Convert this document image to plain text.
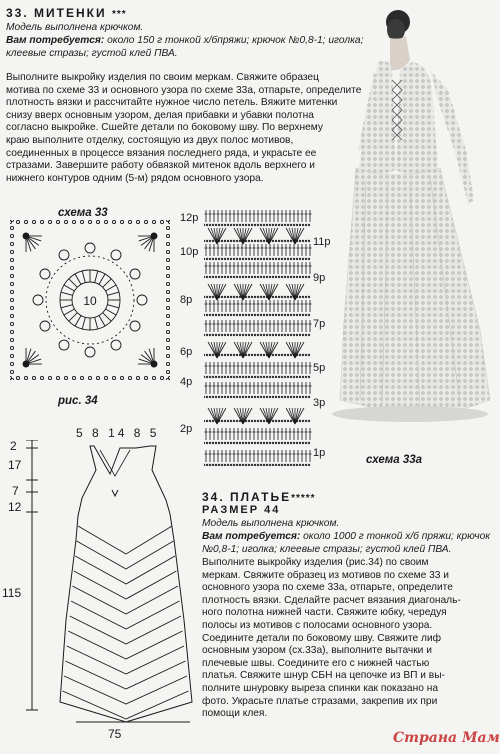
33. МИТЕНКИ ***
Модель выполнена крючком.
Вам потребуется: около 150 г тонкой х/бпряжи; крючок №0,8-1; иголка; клеевые стразы; густой клей ПВА.
Выполните выкройку изделия по своим меркам. Свяжите образец
мотива по схеме 33 и основного узора по схеме 33а, отпарьте, определите
плотность вязки и рассчитайте нужное число петель. Вяжите митенки
снизу вверх основным узором, делая прибавки и убавки полотна
согласно выкройке. Сшейте детали по боковому шву. По верхнему
краю выполните отделку, состоящую из двух полос мотивов,
соединенных в процессе вязания последнего ряда, и украсьте ее
стразами. Завершите работу обвязкой митенок вдоль верхнего и
нижнего контуров одним (5-м) рядом основного узора.
схема 33
10
рис. 34
12р
10р
8р
6р
4р
2р
11р
9р
7р
5р
3р
1р
схема 33а
5 8 14 8 5
2
17
7
12
115
75
34. ПЛАТЬЕ*****
РАЗМЕР 44
Модель выполнена крючком.
Вам потребуется: около 1000 г тонкой х/б пряжи; крючок
№0,8-1; иголка; клеевые стразы; густой клей ПВА.
Выполните выкройку изделия (рис.34) по своим
меркам. Свяжите образец из мотивов по схеме 33 и
основного узора по схеме 33а, отпарьте, определите
плотность вязки. Сделайте расчет вязания диагональ-
ного полотна нижней части. Свяжите юбку, чередуя
полосы из мотивов с полосами основного узора.
Соедините детали по боковому шву. Свяжите лиф
основным узором (сх.33а), выполните вытачки и
плечевые швы. Соедините его с нижней частью
платья. Свяжите шнур СБН на цепочке из ВП и вы-
полните шнуровку выреза спинки как показано на
фото. Украсьте платье стразами, закрепив их при
помощи клея.
Страна Мам
